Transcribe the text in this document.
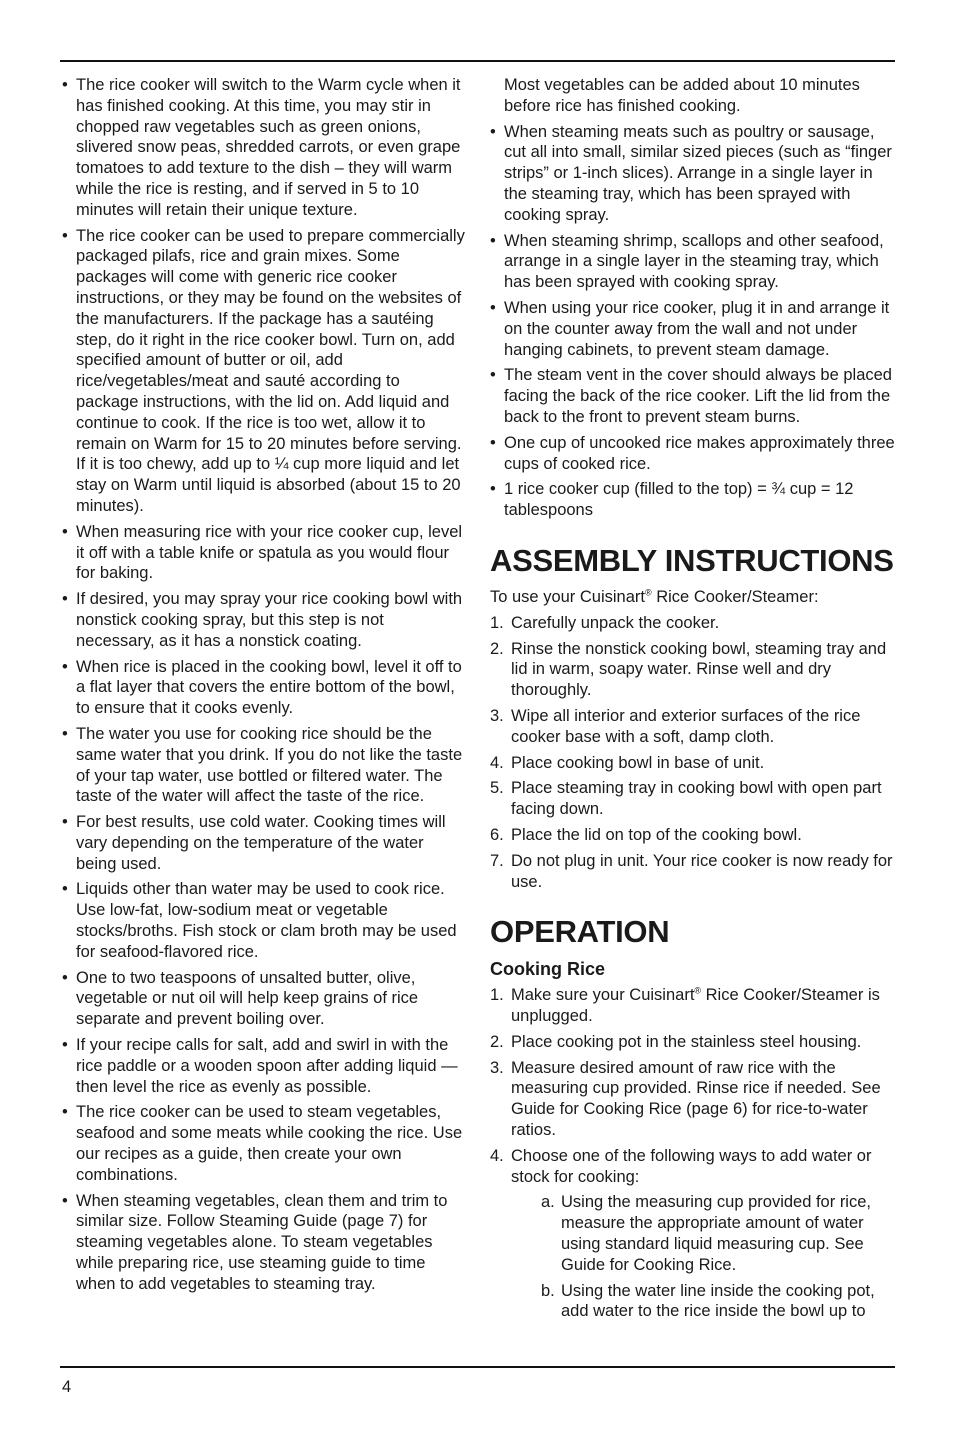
• The rice cooker will switch to the Warm cycle when it has finished cooking. At this time, you may stir in chopped raw vegetables such as green onions, slivered snow peas, shredded carrots, or even grape tomatoes to add texture to the dish – they will warm while the rice is resting, and if served in 5 to 10 minutes will retain their unique texture.
• The rice cooker can be used to prepare commercially packaged pilafs, rice and grain mixes. Some packages will come with generic rice cooker instructions, or they may be found on the websites of the manufacturers. If the package has a sautéing step, do it right in the rice cooker bowl. Turn on, add specified amount of butter or oil, add rice/vegetables/meat and sauté according to package instructions, with the lid on. Add liquid and continue to cook. If the rice is too wet, allow it to remain on Warm for 15 to 20 minutes before serving. If it is too chewy, add up to ¼ cup more liquid and let stay on Warm until liquid is absorbed (about 15 to 20 minutes).
• When measuring rice with your rice cooker cup, level it off with a table knife or spatula as you would flour for baking.
• If desired, you may spray your rice cooking bowl with nonstick cooking spray, but this step is not necessary, as it has a nonstick coating.
• When rice is placed in the cooking bowl, level it off to a flat layer that covers the entire bottom of the bowl, to ensure that it cooks evenly.
• The water you use for cooking rice should be the same water that you drink. If you do not like the taste of your tap water, use bottled or filtered water. The taste of the water will affect the taste of the rice.
• For best results, use cold water. Cooking times will vary depending on the temperature of the water being used.
• Liquids other than water may be used to cook rice. Use low-fat, low-sodium meat or vegetable stocks/broths. Fish stock or clam broth may be used for seafood-flavored rice.
• One to two teaspoons of unsalted butter, olive, vegetable or nut oil will help keep grains of rice separate and prevent boiling over.
• If your recipe calls for salt, add and swirl in with the rice paddle or a wooden spoon after adding liquid — then level the rice as evenly as possible.
• The rice cooker can be used to steam vegetables, seafood and some meats while cooking the rice. Use our recipes as a guide, then create your own combinations.
• When steaming vegetables, clean them and trim to similar size. Follow Steaming Guide (page 7) for steaming vegetables alone. To steam vegetables while preparing rice, use steaming guide to time when to add vegetables to steaming tray.

Most vegetables can be added about 10 minutes before rice has finished cooking.

• When steaming meats such as poultry or sausage, cut all into small, similar sized pieces (such as “finger strips” or 1-inch slices). Arrange in a single layer in the steaming tray, which has been sprayed with cooking spray.
• When steaming shrimp, scallops and other seafood, arrange in a single layer in the steaming tray, which has been sprayed with cooking spray.
• When using your rice cooker, plug it in and arrange it on the counter away from the wall and not under hanging cabinets, to prevent steam damage.
• The steam vent in the cover should always be placed facing the back of the rice cooker. Lift the lid from the back to the front to prevent steam burns.
• One cup of uncooked rice makes approximately three cups of cooked rice.
• 1 rice cooker cup (filled to the top) = ¾ cup = 12 tablespoons
ASSEMBLY INSTRUCTIONS

To use your Cuisinart® Rice Cooker/Steamer:

1. Carefully unpack the cooker.
2. Rinse the nonstick cooking bowl, steaming tray and lid in warm, soapy water. Rinse well and dry thoroughly.
3. Wipe all interior and exterior surfaces of the rice cooker base with a soft, damp cloth.
4. Place cooking bowl in base of unit.
5. Place steaming tray in cooking bowl with open part facing down.
6. Place the lid on top of the cooking bowl.
7. Do not plug in unit. Your rice cooker is now ready for use.
OPERATION
Cooking Rice
1. Make sure your Cuisinart® Rice Cooker/Steamer is unplugged.
2. Place cooking pot in the stainless steel housing.
3. Measure desired amount of raw rice with the measuring cup provided. Rinse rice if needed. See Guide for Cooking Rice (page 6) for rice-to-water ratios.
4. Choose one of the following ways to add water or stock for cooking:
a. Using the measuring cup provided for rice, measure the appropriate amount of water using standard liquid measuring cup. See Guide for Cooking Rice.
b. Using the water line inside the cooking pot, add water to the rice inside the bowl up to
4
